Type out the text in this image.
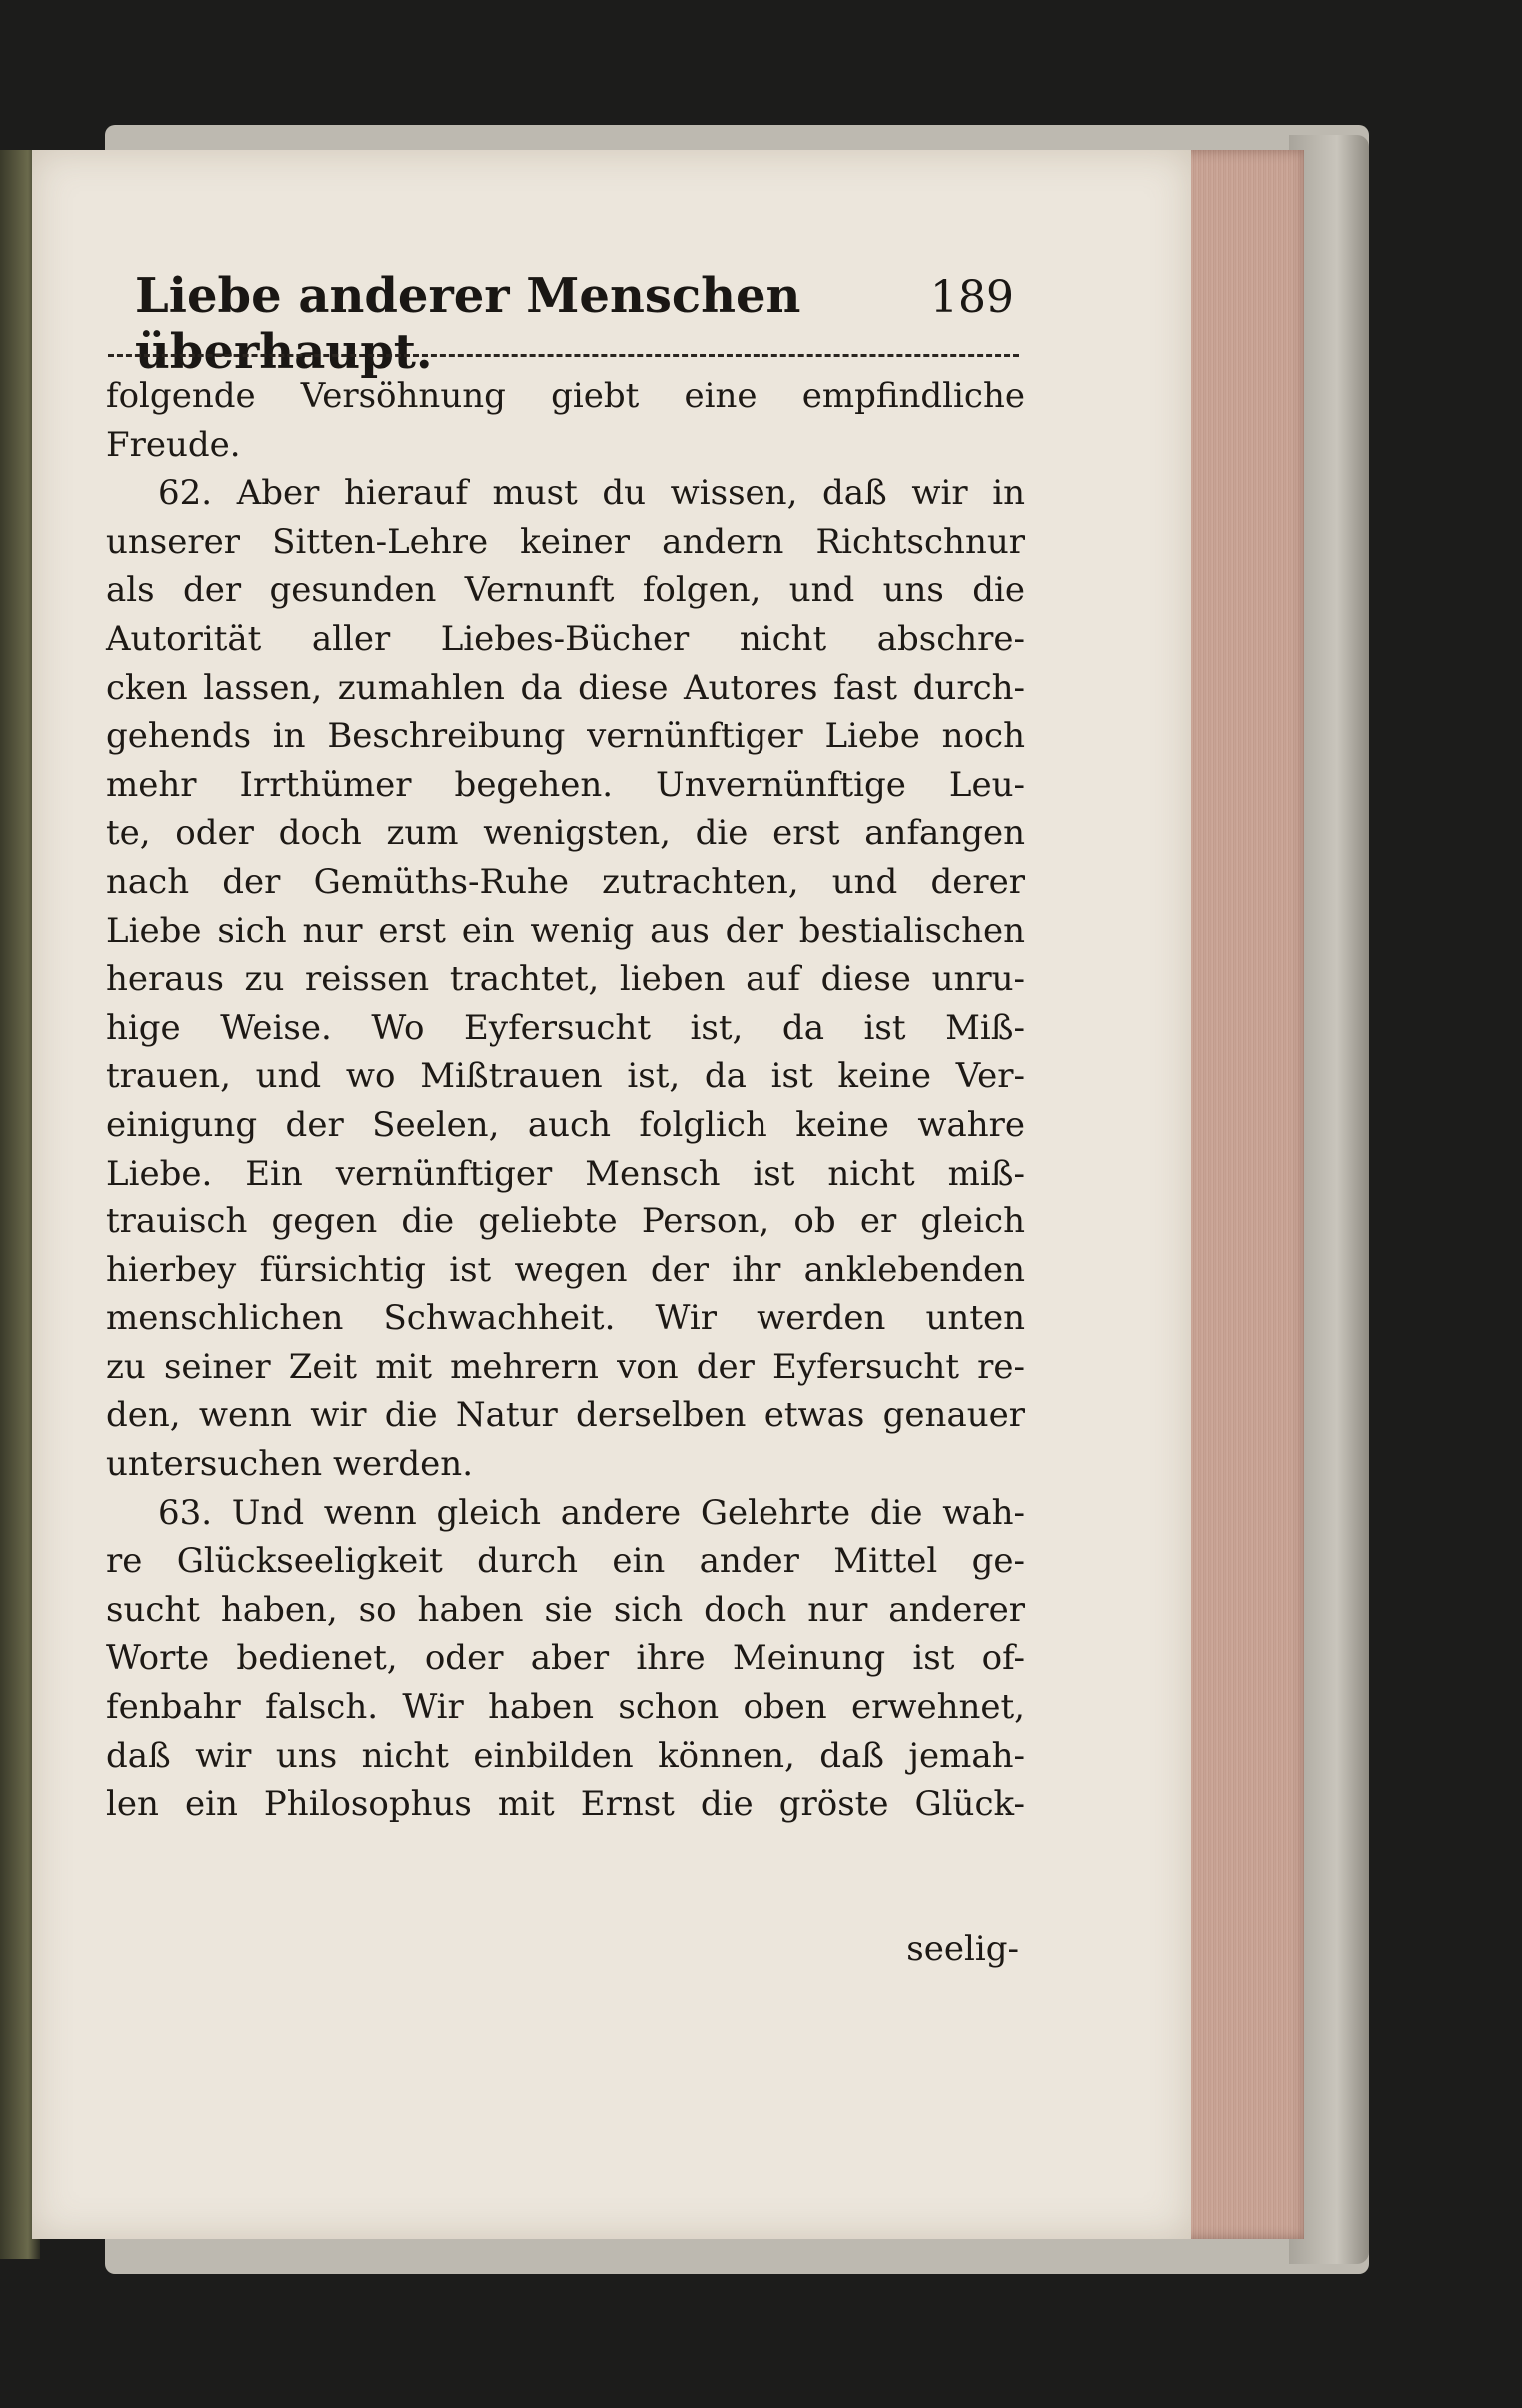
Liebe anderer Menschen überhaupt.
189
folgende Versöhnung giebt eine empfindliche
Freude.
62. Aber hierauf must du wissen, daß wir in
unserer Sitten-Lehre keiner andern Richtschnur
als der gesunden Vernunft folgen, und uns die
Autorität aller Liebes-Bücher nicht abschre-
cken lassen, zumahlen da diese Autores fast durch-
gehends in Beschreibung vernünftiger Liebe noch
mehr Irrthümer begehen. Unvernünftige Leu-
te, oder doch zum wenigsten, die erst anfangen
nach der Gemüths-Ruhe zutrachten, und derer
Liebe sich nur erst ein wenig aus der bestialischen
heraus zu reissen trachtet, lieben auf diese unru-
hige Weise. Wo Eyfersucht ist, da ist Miß-
trauen, und wo Mißtrauen ist, da ist keine Ver-
einigung der Seelen, auch folglich keine wahre
Liebe. Ein vernünftiger Mensch ist nicht miß-
trauisch gegen die geliebte Person, ob er gleich
hierbey fürsichtig ist wegen der ihr anklebenden
menschlichen Schwachheit. Wir werden unten
zu seiner Zeit mit mehrern von der Eyfersucht re-
den, wenn wir die Natur derselben etwas genauer
untersuchen werden.
63. Und wenn gleich andere Gelehrte die wah-
re Glückseeligkeit durch ein ander Mittel ge-
sucht haben, so haben sie sich doch nur anderer
Worte bedienet, oder aber ihre Meinung ist of-
fenbahr falsch. Wir haben schon oben erwehnet,
daß wir uns nicht einbilden können, daß jemah-
len ein Philosophus mit Ernst die gröste Glück-
seelig-
